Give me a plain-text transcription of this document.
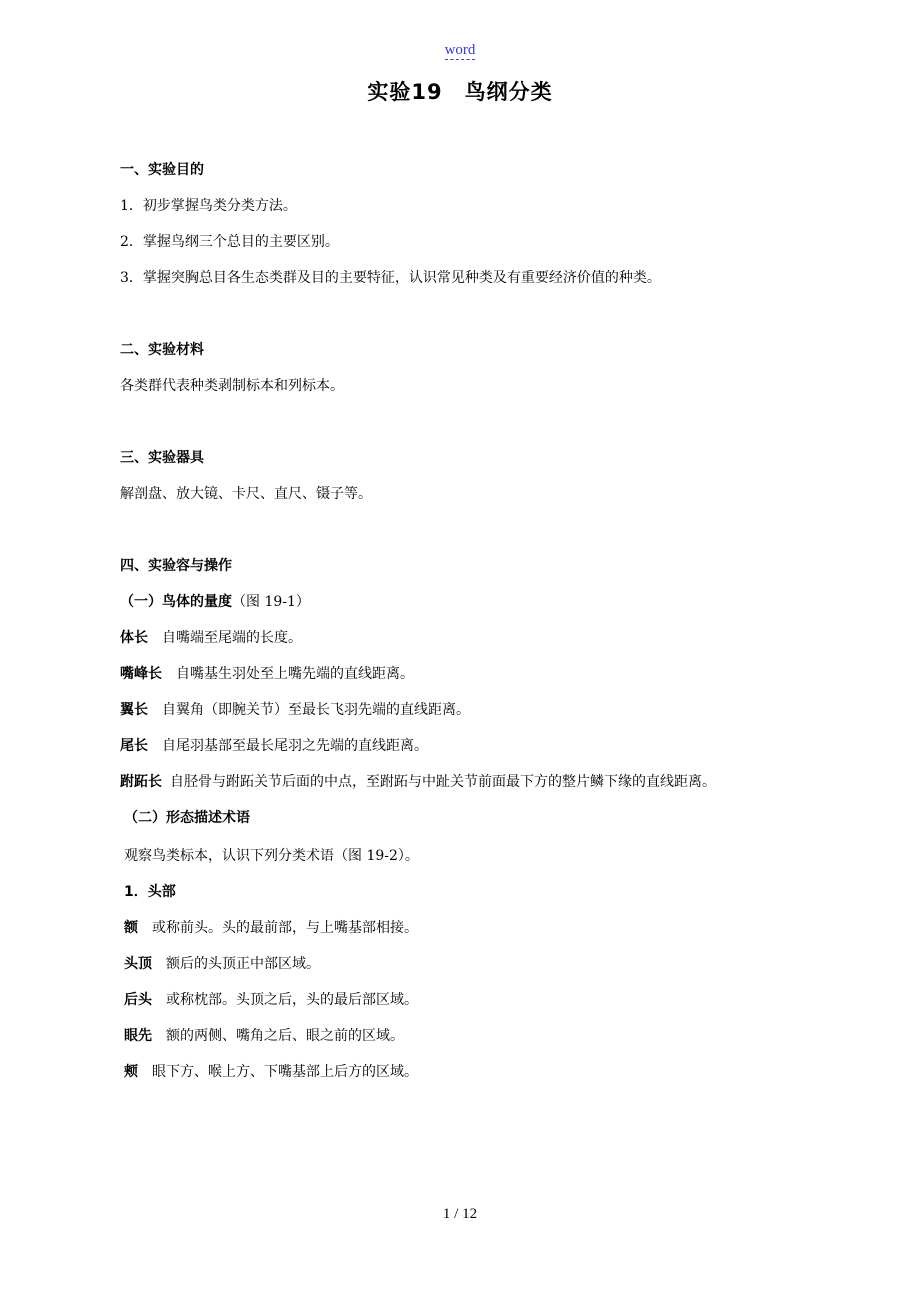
word
实验19　鸟纲分类
一、实验目的
1．初步掌握鸟类分类方法。
2．掌握鸟纲三个总目的主要区别。
3．掌握突胸总目各生态类群及目的主要特征，认识常见种类及有重要经济价值的种类。
二、实验材料
各类群代表种类剥制标本和列标本。
三、实验器具
解剖盘、放大镜、卡尺、直尺、镊子等。
四、实验容与操作
（一）鸟体的量度（图 19-1）
体长 自嘴端至尾端的长度。
嘴峰长 自嘴基生羽处至上嘴先端的直线距离。
翼长 自翼角（即腕关节）至最长飞羽先端的直线距离。
尾长 自尾羽基部至最长尾羽之先端的直线距离。
跗跖长 自胫骨与跗跖关节后面的中点，至跗跖与中趾关节前面最下方的整片鳞下缘的直线距离。
（二）形态描述术语
观察鸟类标本，认识下列分类术语（图 19-2）。
1．头部
额 或称前头。头的最前部，与上嘴基部相接。
头顶 额后的头顶正中部区域。
后头 或称枕部。头顶之后，头的最后部区域。
眼先 额的两侧、嘴角之后、眼之前的区域。
颊 眼下方、喉上方、下嘴基部上后方的区域。
1 / 12
